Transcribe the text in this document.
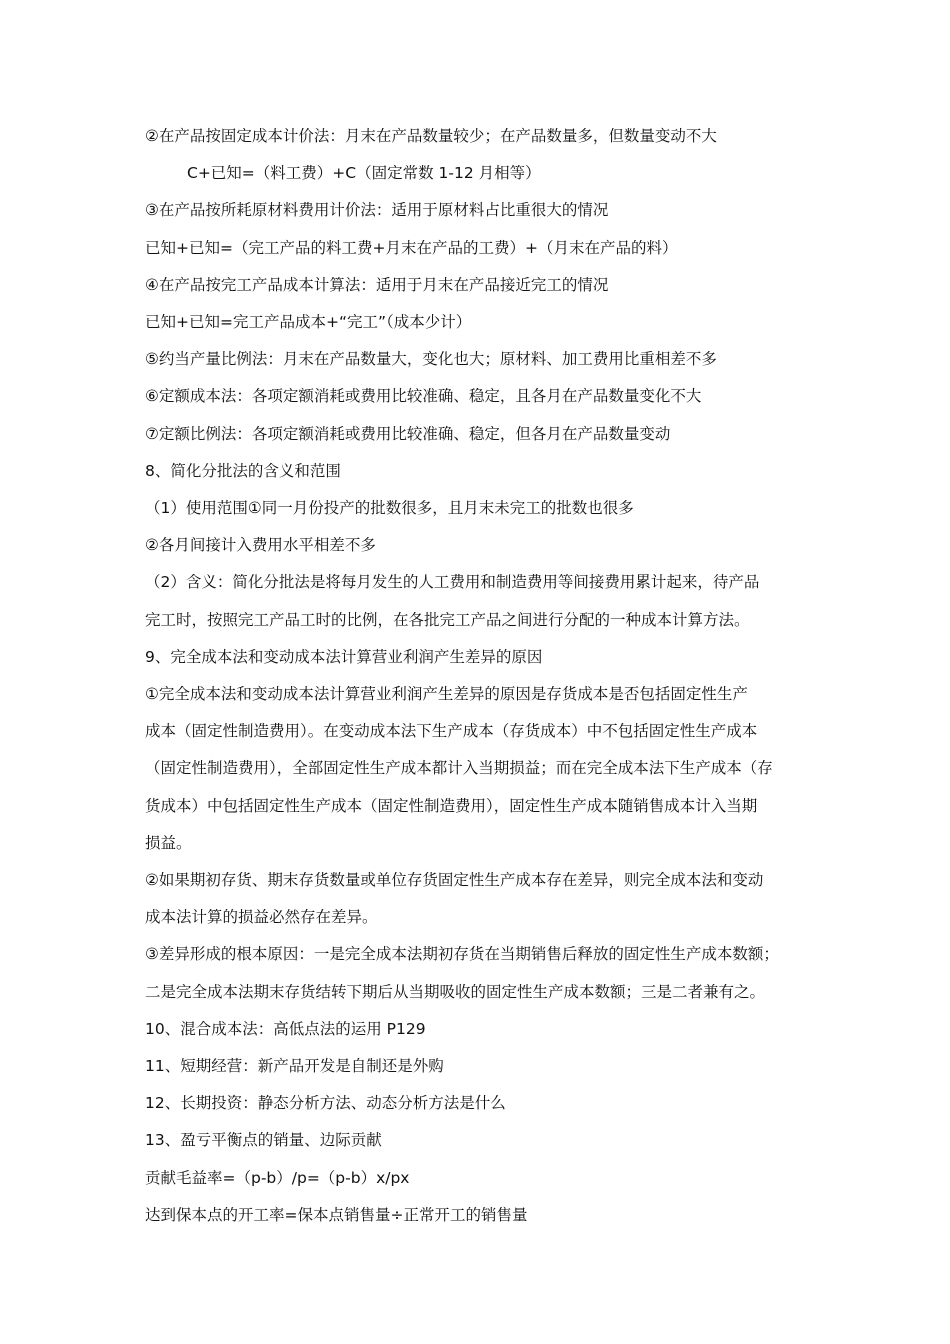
②在产品按固定成本计价法：月末在产品数量较少；在产品数量多，但数量变动不大
C+已知=（料工费）+C（固定常数 1-12 月相等）
③在产品按所耗原材料费用计价法：适用于原材料占比重很大的情况
已知+已知=（完工产品的料工费+月末在产品的工费）+（月末在产品的料）
④在产品按完工产品成本计算法：适用于月末在产品接近完工的情况
已知+已知=完工产品成本+“完工”（成本少计）
⑤约当产量比例法：月末在产品数量大，变化也大；原材料、加工费用比重相差不多
⑥定额成本法：各项定额消耗或费用比较准确、稳定，且各月在产品数量变化不大
⑦定额比例法：各项定额消耗或费用比较准确、稳定，但各月在产品数量变动
8、简化分批法的含义和范围
（1）使用范围①同一月份投产的批数很多，且月末未完工的批数也很多
②各月间接计入费用水平相差不多
（2）含义：简化分批法是将每月发生的人工费用和制造费用等间接费用累计起来，待产品
完工时，按照完工产品工时的比例，在各批完工产品之间进行分配的一种成本计算方法。
9、完全成本法和变动成本法计算营业利润产生差异的原因
①完全成本法和变动成本法计算营业利润产生差异的原因是存货成本是否包括固定性生产
成本（固定性制造费用）。在变动成本法下生产成本（存货成本）中不包括固定性生产成本
（固定性制造费用），全部固定性生产成本都计入当期损益；而在完全成本法下生产成本（存
货成本）中包括固定性生产成本（固定性制造费用），固定性生产成本随销售成本计入当期
损益。
②如果期初存货、期末存货数量或单位存货固定性生产成本存在差异，则完全成本法和变动
成本法计算的损益必然存在差异。
③差异形成的根本原因：一是完全成本法期初存货在当期销售后释放的固定性生产成本数额；
二是完全成本法期末存货结转下期后从当期吸收的固定性生产成本数额；三是二者兼有之。
10、混合成本法：高低点法的运用 P129
11、短期经营：新产品开发是自制还是外购
12、长期投资：静态分析方法、动态分析方法是什么
13、盈亏平衡点的销量、边际贡献
贡献毛益率=（p-b）/p=（p-b）x/px
达到保本点的开工率=保本点销售量÷正常开工的销售量
